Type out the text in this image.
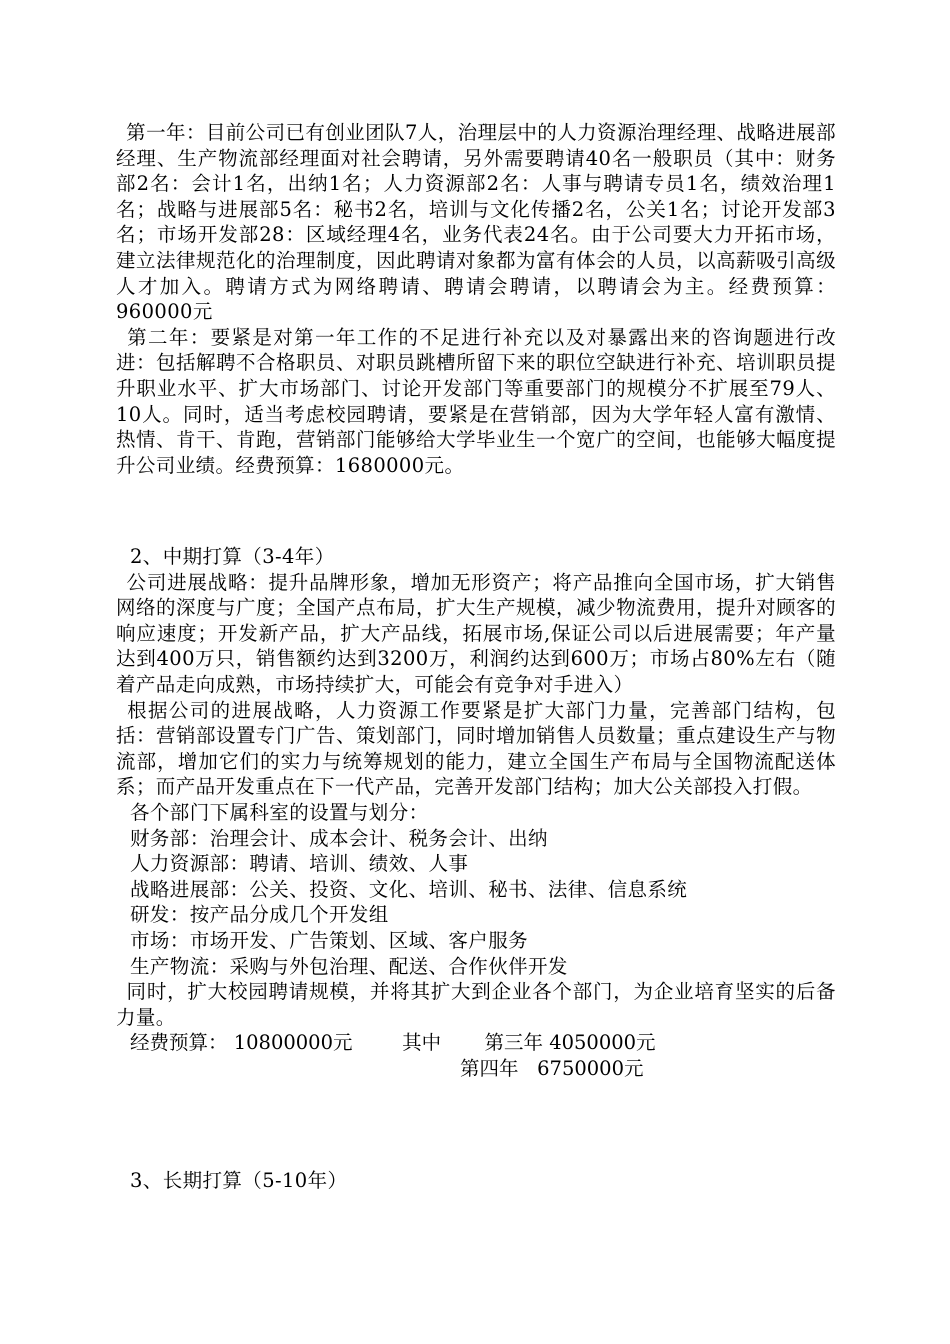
 第一年：目前公司已有创业团队7人，治理层中的人力资源治理经理、战略进展部经理、生产物流部经理面对社会聘请，另外需要聘请40名一般职员（其中：财务部2名：会计1名，出纳1名；人力资源部2名：人事与聘请专员1名，绩效治理1名；战略与进展部5名：秘书2名，培训与文化传播2名，公关1名；讨论开发部3名；市场开发部28：区域经理4名，业务代表24名。由于公司要大力开拓市场，建立法律规范化的治理制度，因此聘请对象都为富有体会的人员，以高薪吸引高级人才加入。聘请方式为网络聘请、聘请会聘请，以聘请会为主。经费预算：960000元

 第二年：要紧是对第一年工作的不足进行补充以及对暴露出来的咨询题进行改进：包括解聘不合格职员、对职员跳槽所留下来的职位空缺进行补充、培训职员提升职业水平、扩大市场部门、讨论开发部门等重要部门的规模分不扩展至79人、10人。同时，适当考虑校园聘请，要紧是在营销部，因为大学年轻人富有激情、热情、肯干、肯跑，营销部门能够给大学毕业生一个宽广的空间，也能够大幅度提升公司业绩。经费预算：1680000元。

2、中期打算（3-4年）

 公司进展战略：提升品牌形象，增加无形资产；将产品推向全国市场，扩大销售网络的深度与广度；全国产点布局，扩大生产规模，减少物流费用，提升对顾客的响应速度；开发新产品，扩大产品线，拓展市场,保证公司以后进展需要；年产量达到400万只，销售额约达到3200万，利润约达到600万；市场占80%左右（随着产品走向成熟，市场持续扩大，可能会有竞争对手进入）

 根据公司的进展战略，人力资源工作要紧是扩大部门力量，完善部门结构，包括：营销部设置专门广告、策划部门，同时增加销售人员数量；重点建设生产与物流部，增加它们的实力与统筹规划的能力，建立全国生产布局与全国物流配送体系；而产品开发重点在下一代产品，完善开发部门结构；加大公关部投入打假。

各个部门下属科室的设置与划分：

财务部：治理会计、成本会计、税务会计、出纳

人力资源部：聘请、培训、绩效、人事

战略进展部：公关、投资、文化、培训、秘书、法律、信息系统

研发：按产品分成几个开发组

市场：市场开发、广告策划、区域、客户服务

生产物流：采购与外包治理、配送、合作伙伴开发

 同时，扩大校园聘请规模，并将其扩大到企业各个部门，为企业培育坚实的后备力量。

经费预算： 10800000元	其中 第三年 4050000元
第四年 6750000元

3、长期打算（5-10年）
